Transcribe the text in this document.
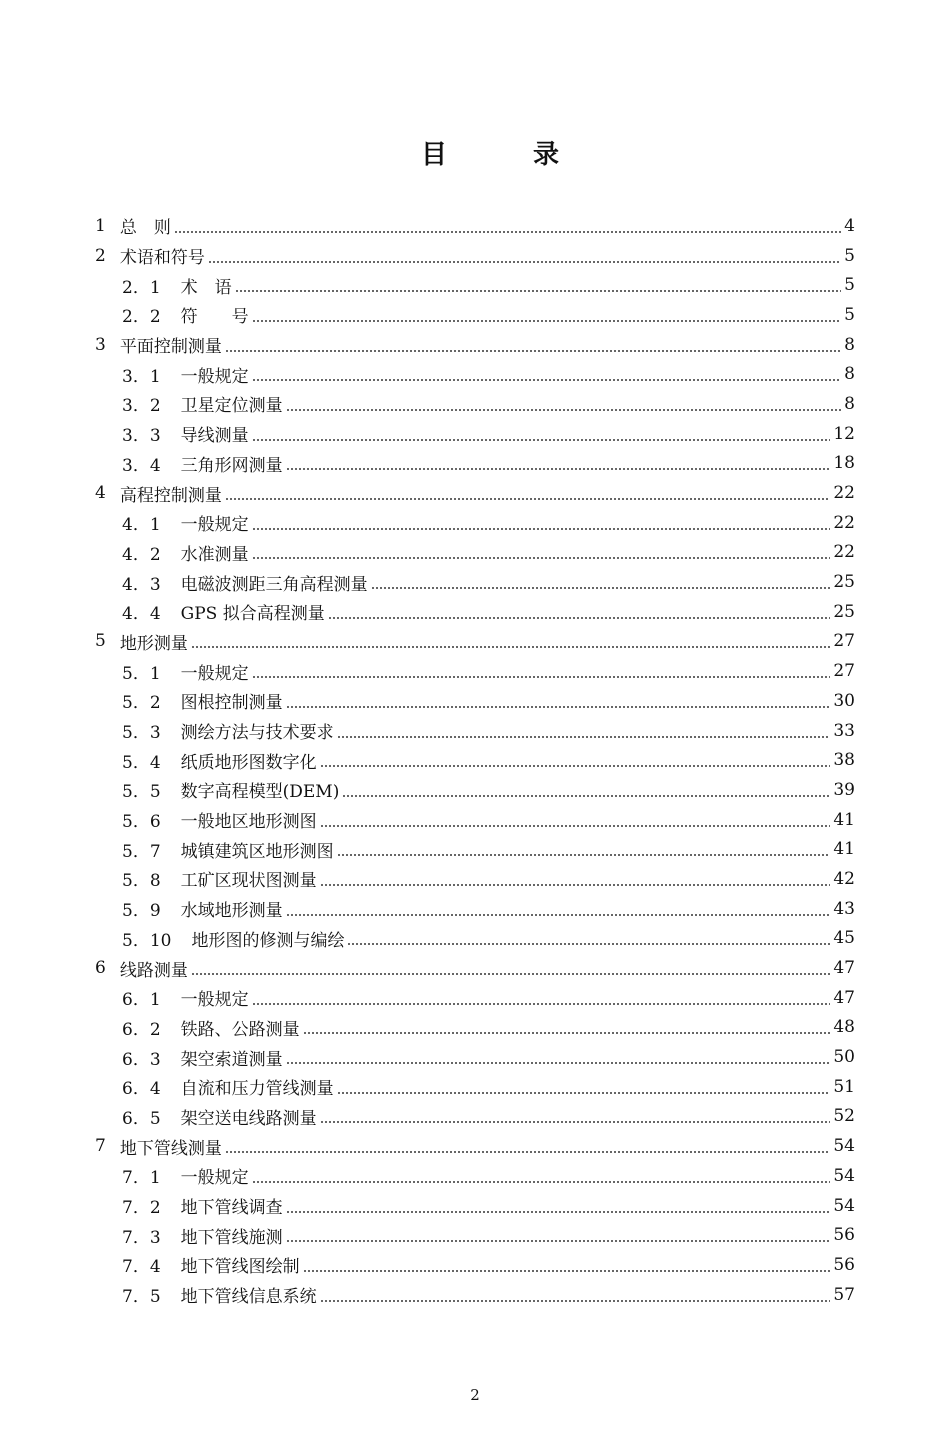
目　录
1 总　则	4
2 术语和符号	5
2．1 术　语	5
2．2 符　　号	5
3 平面控制测量	8
3．1 一般规定	8
3．2 卫星定位测量	8
3．3 导线测量	12
3．4 三角形网测量	18
4 高程控制测量	22
4．1 一般规定	22
4．2 水准测量	22
4．3 电磁波测距三角高程测量	25
4．4 GPS 拟合高程测量	25
5 地形测量	27
5．1 一般规定	27
5．2 图根控制测量	30
5．3 测绘方法与技术要求	33
5．4 纸质地形图数字化	38
5．5 数字高程模型(DEM)	39
5．6 一般地区地形测图	41
5．7 城镇建筑区地形测图	41
5．8 工矿区现状图测量	42
5．9 水域地形测量	43
5．10 地形图的修测与编绘	45
6 线路测量	47
6．1 一般规定	47
6．2 铁路、公路测量	48
6．3 架空索道测量	50
6．4 自流和压力管线测量	51
6．5 架空送电线路测量	52
7 地下管线测量	54
7．1 一般规定	54
7．2 地下管线调查	54
7．3 地下管线施测	56
7．4 地下管线图绘制	56
7．5 地下管线信息系统	57
2
